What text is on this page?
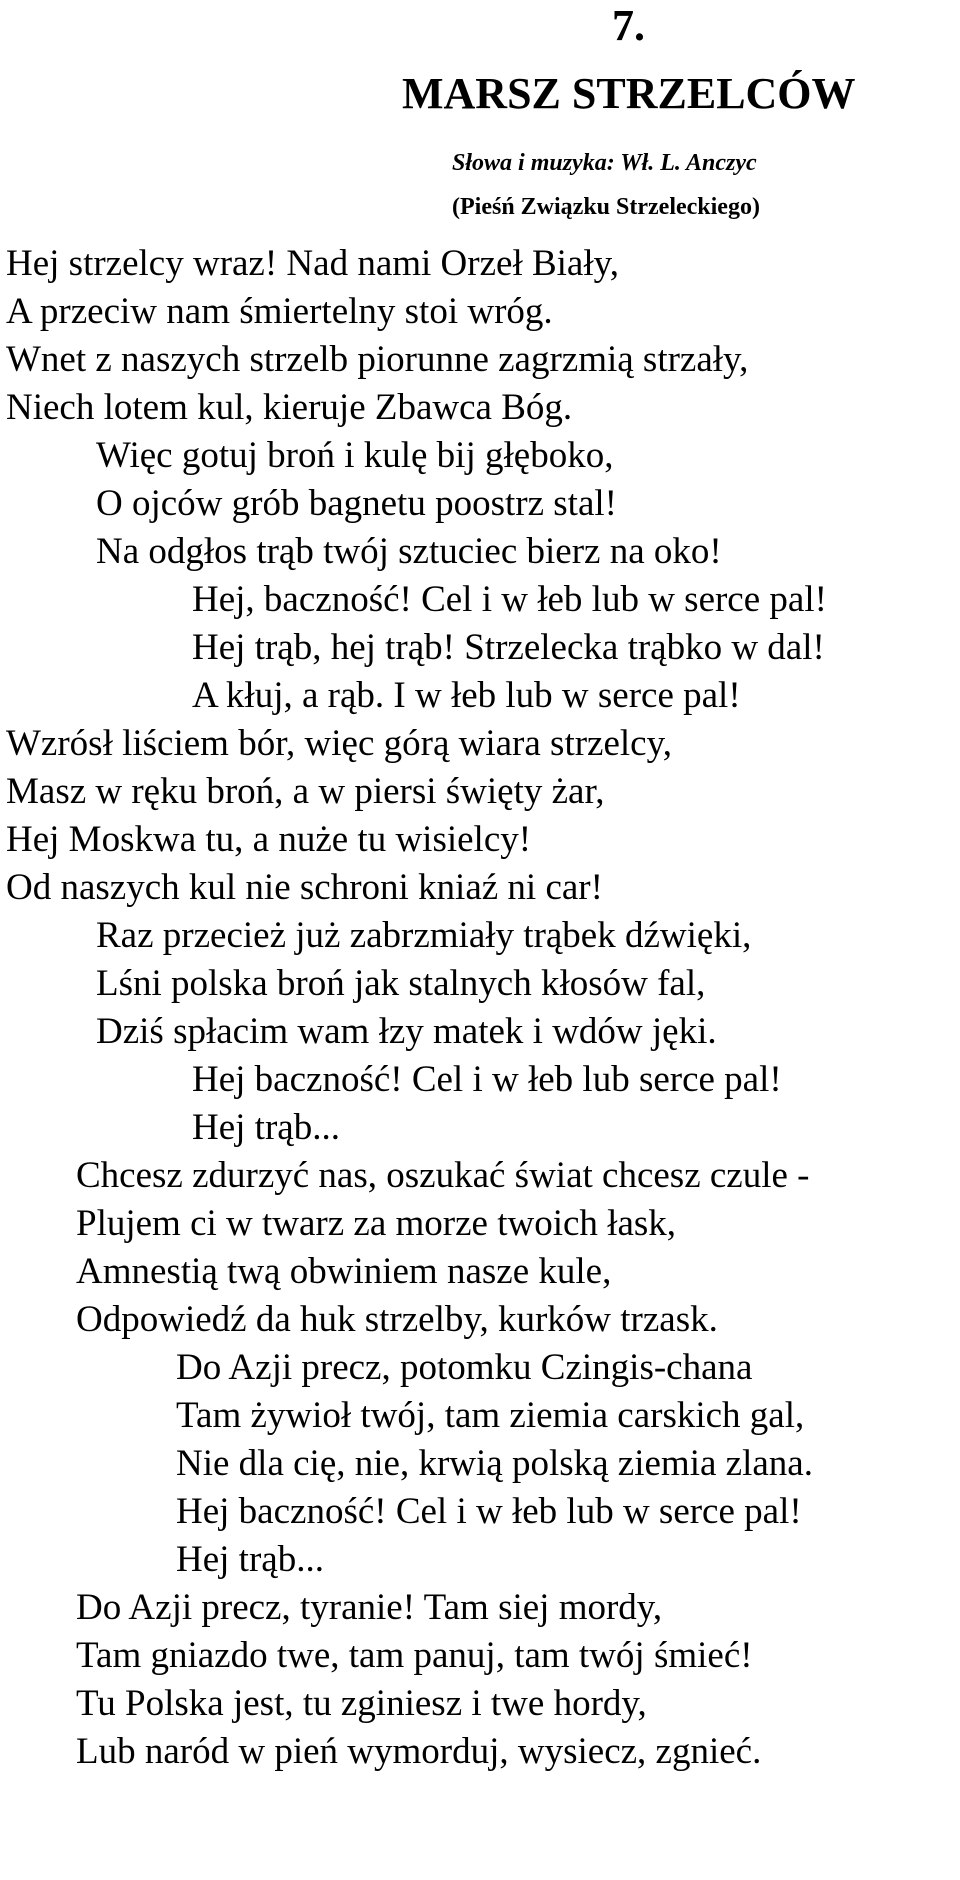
7.
MARSZ STRZELCÓW
Słowa i muzyka: Wł. L. Anczyc
(Pieśń Związku Strzeleckiego)
Hej strzelcy wraz! Nad nami Orzeł Biały,
A przeciw nam śmiertelny stoi wróg.
Wnet z naszych strzelb piorunne zagrzmią strzały,
Niech lotem kul, kieruje Zbawca Bóg.
Więc gotuj broń i kulę bij głęboko,
O ojców grób bagnetu poostrz stal!
Na odgłos trąb twój sztuciec bierz na oko!
Hej, baczność! Cel i w łeb lub w serce pal!
Hej trąb, hej trąb! Strzelecka trąbko w dal!
A kłuj, a rąb. I w łeb lub w serce pal!
Wzrósł liściem bór, więc górą wiara strzelcy,
Masz w ręku broń, a w piersi święty żar,
Hej Moskwa tu, a nuże tu wisielcy!
Od naszych kul nie schroni kniaź ni car!
Raz przecież już zabrzmiały trąbek dźwięki,
Lśni polska broń jak stalnych kłosów fal,
Dziś spłacim wam łzy matek i wdów jęki.
Hej baczność! Cel i w łeb lub serce pal!
Hej trąb...
Chcesz zdurzyć nas, oszukać świat chcesz czule -
Plujem ci w twarz za morze twoich łask,
Amnestią twą obwiniem nasze kule,
Odpowiedź da huk strzelby, kurków trzask.
Do Azji precz, potomku Czingis-chana
Tam żywioł twój, tam ziemia carskich gal,
Nie dla cię, nie, krwią polską ziemia zlana.
Hej baczność! Cel i w łeb lub w serce pal!
Hej trąb...
Do Azji precz, tyranie! Tam siej mordy,
Tam gniazdo twe, tam panuj, tam twój śmieć!
Tu Polska jest, tu zginiesz i twe hordy,
Lub naród w pień wymorduj, wysiecz, zgnieć.
